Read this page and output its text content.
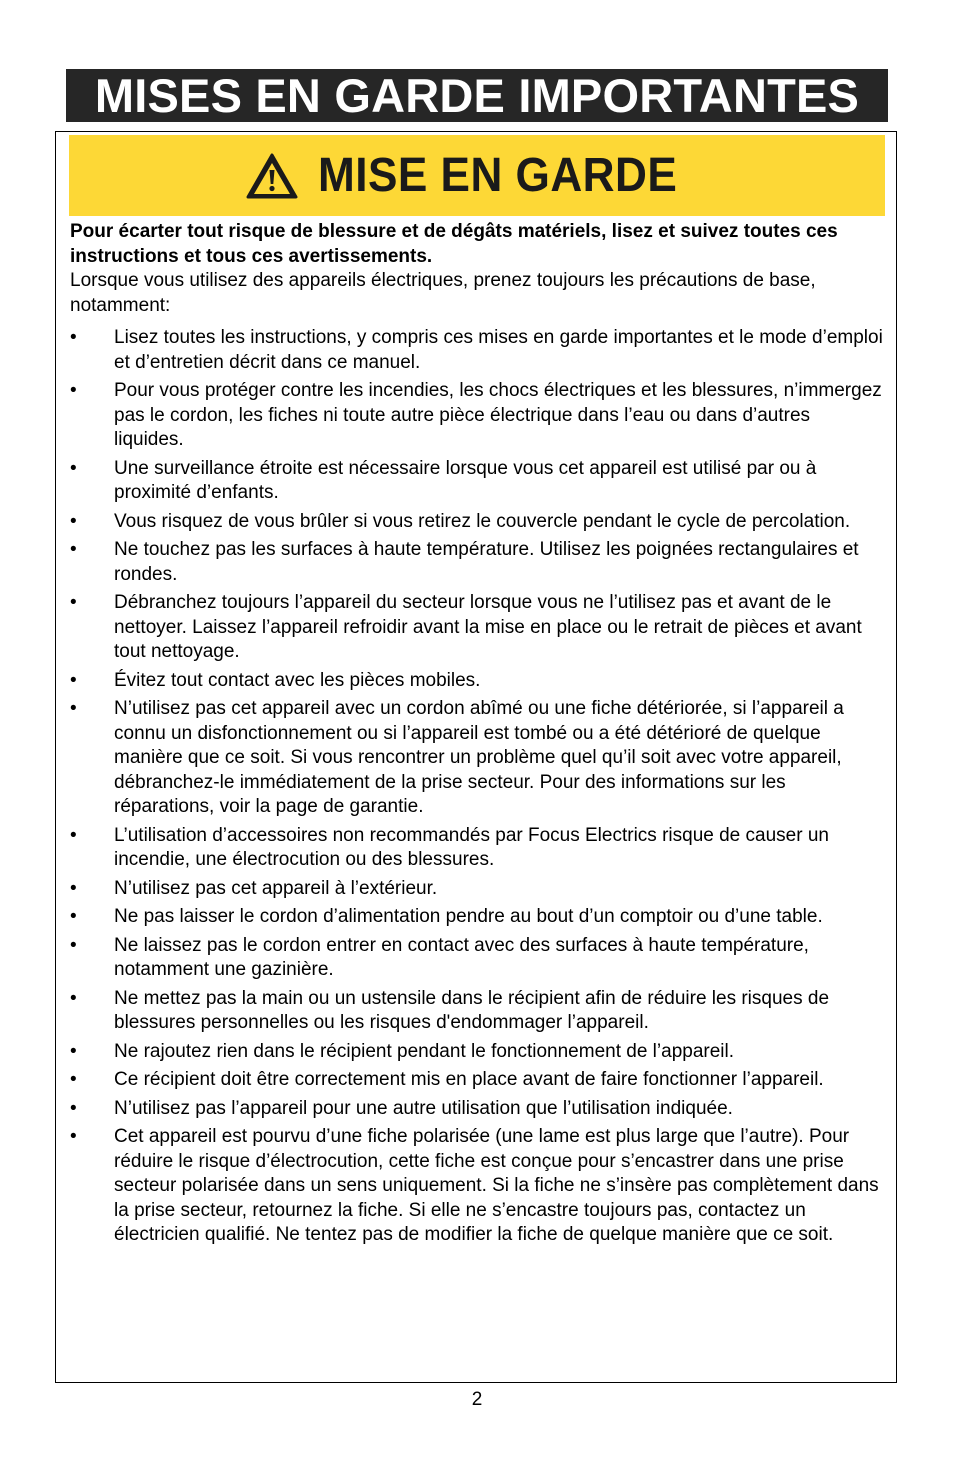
MISES EN GARDE IMPORTANTES
MISE EN GARDE

Pour écarter tout risque de blessure et de dégâts matériels, lisez et suivez toutes ces instructions et tous ces avertissements.

Lorsque vous utilisez des appareils électriques, prenez toujours les précautions de base, notamment:

• Lisez toutes les instructions, y compris ces mises en garde importantes et le mode d’emploi et d’entretien décrit dans ce manuel.
• Pour vous protéger contre les incendies, les chocs électriques et les blessures, n’immergez pas le cordon, les fiches ni toute autre pièce électrique dans l’eau ou dans d’autres liquides.
• Une surveillance étroite est nécessaire lorsque vous cet appareil est utilisé par ou à proximité d’enfants.
• Vous risquez de vous brûler si vous retirez le couvercle pendant le cycle de percolation.
• Ne touchez pas les surfaces à haute température. Utilisez les poignées rectangulaires et rondes.
• Débranchez toujours l’appareil du secteur lorsque vous ne l’utilisez pas et avant de le nettoyer. Laissez l’appareil refroidir avant la mise en place ou le retrait de pièces et avant tout nettoyage.
• Évitez tout contact avec les pièces mobiles.
• N’utilisez pas cet appareil avec un cordon abîmé ou une fiche détériorée, si l’appareil a connu un disfonctionnement ou si l’appareil est tombé ou a été détérioré de quelque manière que ce soit. Si vous rencontrer un problème quel qu’il soit avec votre appareil, débranchez-le immédiatement de la prise secteur. Pour des informations sur les réparations, voir la page de garantie.
• L’utilisation d’accessoires non recommandés par Focus Electrics risque de causer un incendie, une électrocution ou des blessures.
• N’utilisez pas cet appareil à l’extérieur.
• Ne pas laisser le cordon d’alimentation pendre au bout d’un comptoir ou d’une table.
• Ne laissez pas le cordon entrer en contact avec des surfaces à haute température, notamment une gazinière.
• Ne mettez pas la main ou un ustensile dans le récipient afin de réduire les risques de blessures personnelles ou les risques d'endommager l’appareil.
• Ne rajoutez rien dans le récipient pendant le fonctionnement de l’appareil.
• Ce récipient doit être correctement mis en place avant de faire fonctionner l’appareil.
• N’utilisez pas l’appareil pour une autre utilisation que l’utilisation indiquée.
• Cet appareil est pourvu d’une fiche polarisée (une lame est plus large que l’autre). Pour réduire le risque d’électrocution, cette fiche est conçue pour s’encastrer dans une prise secteur polarisée dans un sens uniquement. Si la fiche ne s’insère pas complètement dans la prise secteur, retournez la fiche. Si elle ne s’encastre toujours pas, contactez un électricien qualifié. Ne tentez pas de modifier la fiche de quelque manière que ce soit.
2
